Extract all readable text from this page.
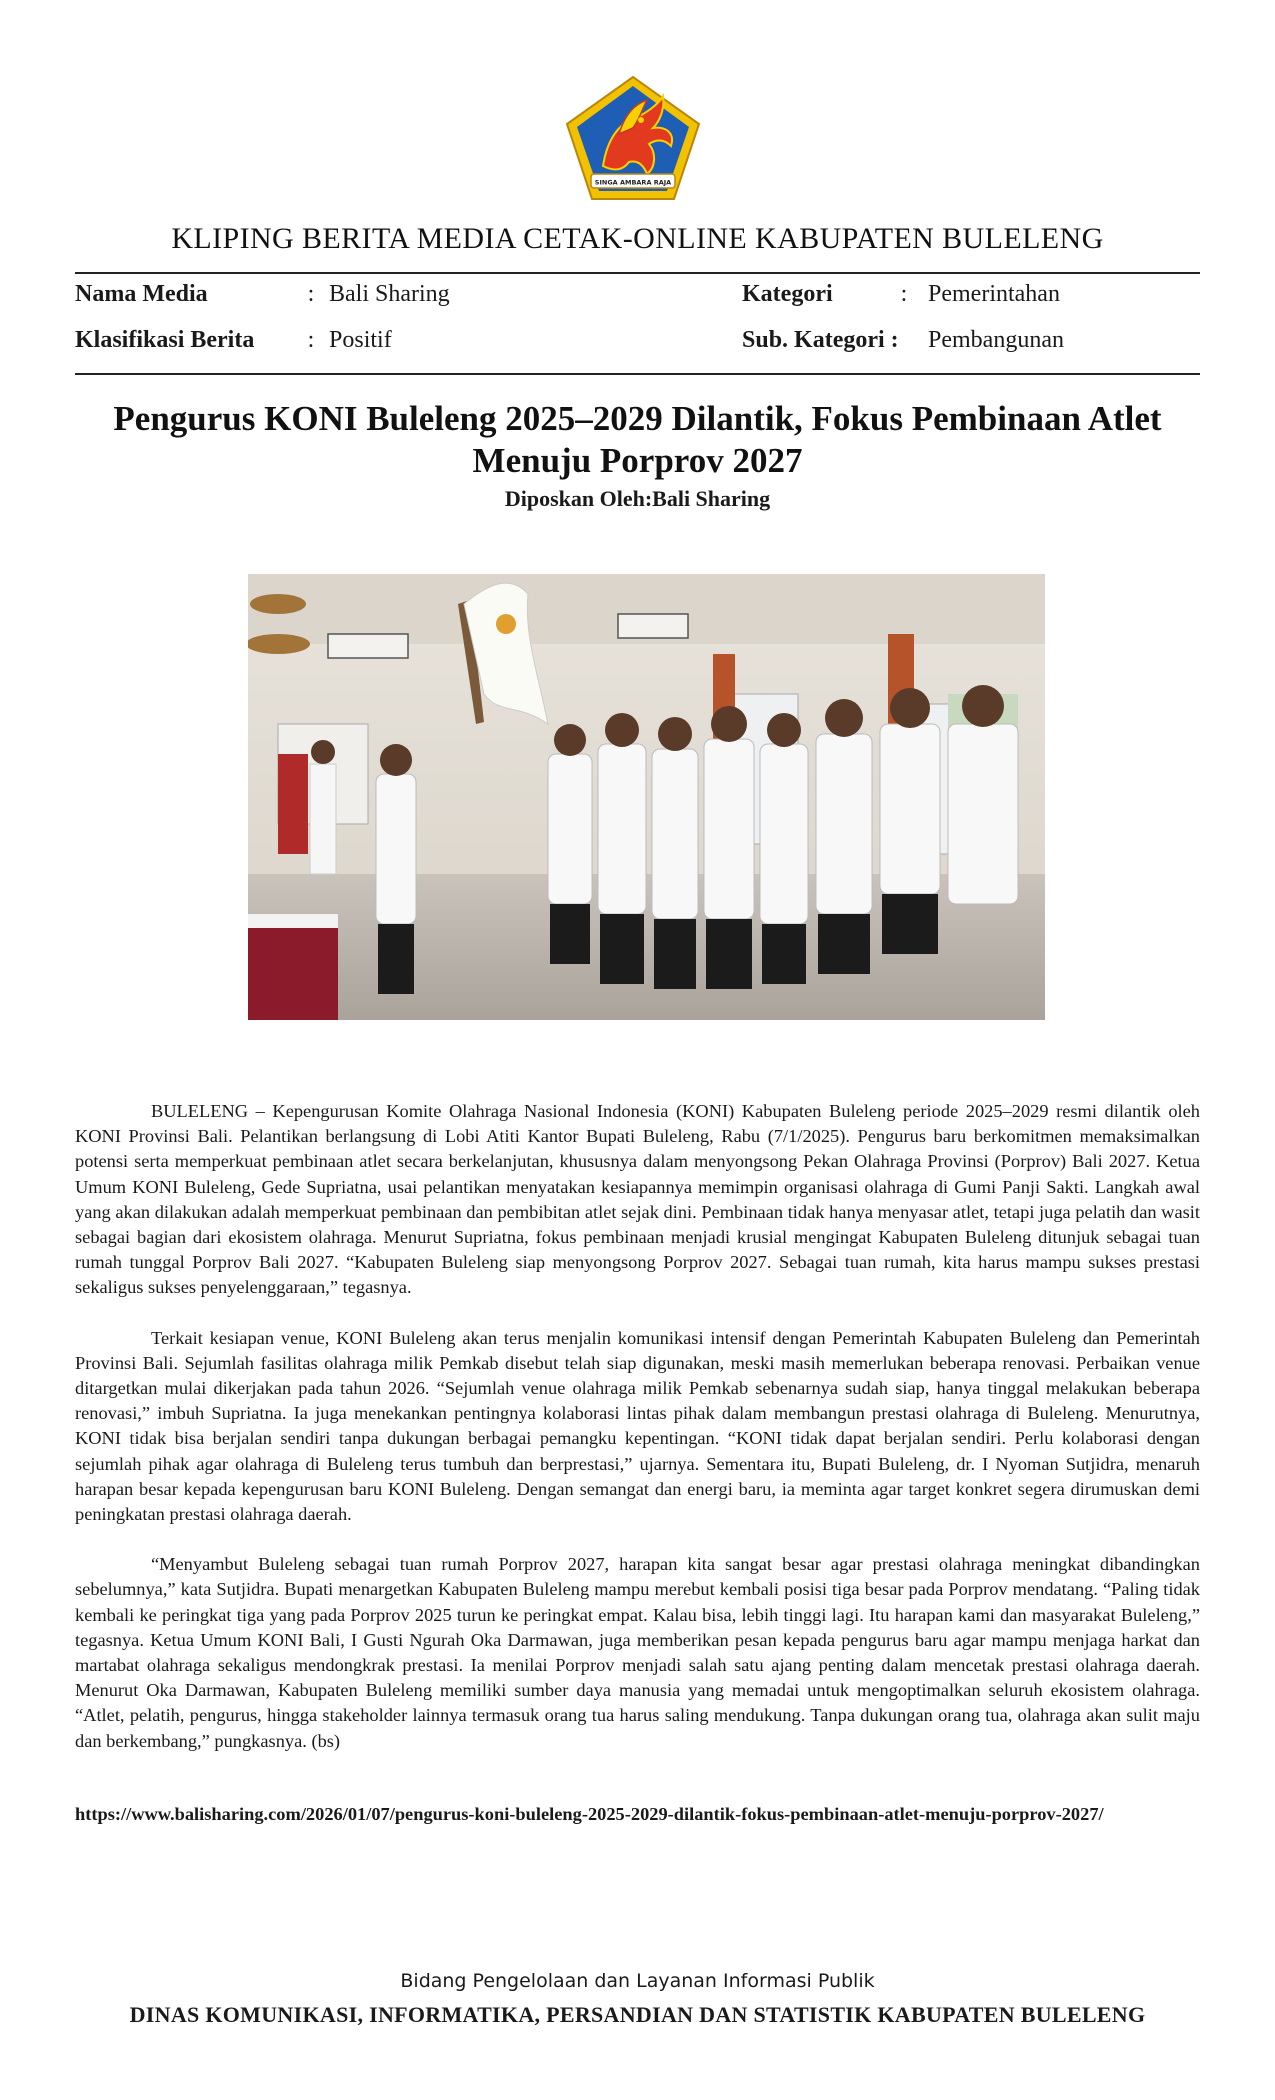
SINGA AMBARA RAJA
KLIPING BERITA MEDIA CETAK-ONLINE KABUPATEN BULELENG
Nama Media	: Bali Sharing	Kategori	: Pemerintahan
Klasifikasi Berita : Positif	Sub. Kategori : Pembangunan
Pengurus KONI Buleleng 2025–2029 Dilantik, Fokus Pembinaan Atlet Menuju Porprov 2027
Diposkan Oleh:Bali Sharing

BULELENG – Kepengurusan Komite Olahraga Nasional Indonesia (KONI) Kabupaten Buleleng periode 2025–2029 resmi dilantik oleh KONI Provinsi Bali. Pelantikan berlangsung di Lobi Atiti Kantor Bupati Buleleng, Rabu (7/1/2025). Pengurus baru berkomitmen memaksimalkan potensi serta memperkuat pembinaan atlet secara berkelanjutan, khususnya dalam menyongsong Pekan Olahraga Provinsi (Porprov) Bali 2027. Ketua Umum KONI Buleleng, Gede Supriatna, usai pelantikan menyatakan kesiapannya memimpin organisasi olahraga di Gumi Panji Sakti. Langkah awal yang akan dilakukan adalah memperkuat pembinaan dan pembibitan atlet sejak dini. Pembinaan tidak hanya menyasar atlet, tetapi juga pelatih dan wasit sebagai bagian dari ekosistem olahraga. Menurut Supriatna, fokus pembinaan menjadi krusial mengingat Kabupaten Buleleng ditunjuk sebagai tuan rumah tunggal Porprov Bali 2027. “Kabupaten Buleleng siap menyongsong Porprov 2027. Sebagai tuan rumah, kita harus mampu sukses prestasi sekaligus sukses penyelenggaraan,” tegasnya.

Terkait kesiapan venue, KONI Buleleng akan terus menjalin komunikasi intensif dengan Pemerintah Kabupaten Buleleng dan Pemerintah Provinsi Bali. Sejumlah fasilitas olahraga milik Pemkab disebut telah siap digunakan, meski masih memerlukan beberapa renovasi. Perbaikan venue ditargetkan mulai dikerjakan pada tahun 2026. “Sejumlah venue olahraga milik Pemkab sebenarnya sudah siap, hanya tinggal melakukan beberapa renovasi,” imbuh Supriatna. Ia juga menekankan pentingnya kolaborasi lintas pihak dalam membangun prestasi olahraga di Buleleng. Menurutnya, KONI tidak bisa berjalan sendiri tanpa dukungan berbagai pemangku kepentingan. “KONI tidak dapat berjalan sendiri. Perlu kolaborasi dengan sejumlah pihak agar olahraga di Buleleng terus tumbuh dan berprestasi,” ujarnya. Sementara itu, Bupati Buleleng, dr. I Nyoman Sutjidra, menaruh harapan besar kepada kepengurusan baru KONI Buleleng. Dengan semangat dan energi baru, ia meminta agar target konkret segera dirumuskan demi peningkatan prestasi olahraga daerah.

“Menyambut Buleleng sebagai tuan rumah Porprov 2027, harapan kita sangat besar agar prestasi olahraga meningkat dibandingkan sebelumnya,” kata Sutjidra. Bupati menargetkan Kabupaten Buleleng mampu merebut kembali posisi tiga besar pada Porprov mendatang. “Paling tidak kembali ke peringkat tiga yang pada Porprov 2025 turun ke peringkat empat. Kalau bisa, lebih tinggi lagi. Itu harapan kami dan masyarakat Buleleng,” tegasnya. Ketua Umum KONI Bali, I Gusti Ngurah Oka Darmawan, juga memberikan pesan kepada pengurus baru agar mampu menjaga harkat dan martabat olahraga sekaligus mendongkrak prestasi. Ia menilai Porprov menjadi salah satu ajang penting dalam mencetak prestasi olahraga daerah. Menurut Oka Darmawan, Kabupaten Buleleng memiliki sumber daya manusia yang memadai untuk mengoptimalkan seluruh ekosistem olahraga. “Atlet, pelatih, pengurus, hingga stakeholder lainnya termasuk orang tua harus saling mendukung. Tanpa dukungan orang tua, olahraga akan sulit maju dan berkembang,” pungkasnya. (bs)

https://www.balisharing.com/2026/01/07/pengurus-koni-buleleng-2025-2029-dilantik-fokus-pembinaan-atlet-menuju-porprov-2027/
Bidang Pengelolaan dan Layanan Informasi Publik
DINAS KOMUNIKASI, INFORMATIKA, PERSANDIAN DAN STATISTIK KABUPATEN BULELENG
